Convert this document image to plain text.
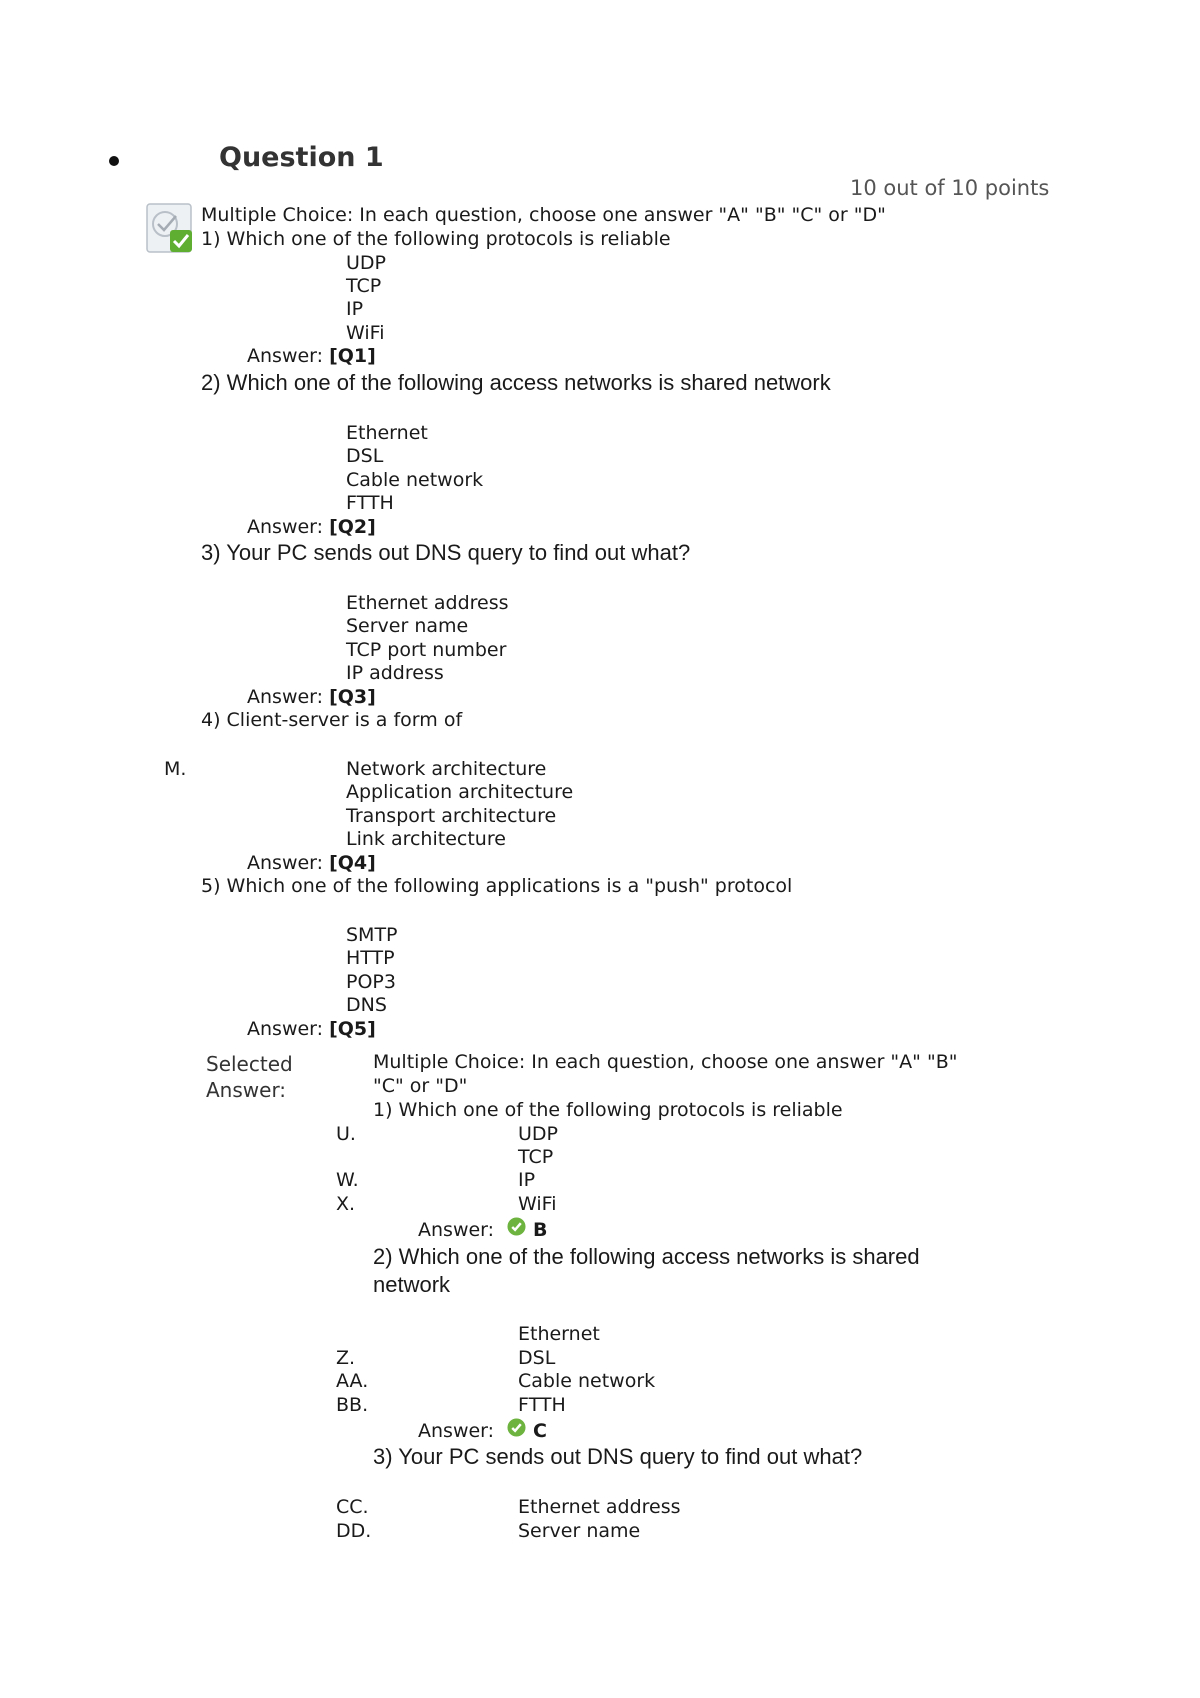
Question 1
10 out of 10 points
Multiple Choice: In each question, choose one answer "A" "B" "C" or "D"
1) Which one of the following protocols is reliable
UDP
TCP
IP
WiFi
Answer: [Q1]
2) Which one of the following access networks is shared network
Ethernet
DSL
Cable network
FTTH
Answer: [Q2]
3) Your PC sends out DNS query to find out what?
Ethernet address
Server name
TCP port number
IP address
Answer: [Q3]
4) Client-server is a form of
M.	Network architecture
Application architecture
Transport architecture
Link architecture
Answer: [Q4]
5) Which one of the following applications is a "push" protocol
SMTP
HTTP
POP3
DNS
Answer: [Q5]
Selected
Answer:
Multiple Choice: In each question, choose one answer "A" "B"
"C" or "D"
1) Which one of the following protocols is reliable
U.	UDP
TCP
W.	IP
X.	WiFi
Answer: B
2) Which one of the following access networks is shared
network
Ethernet
Z.	DSL
AA.	Cable network
BB.	FTTH
Answer: C
3) Your PC sends out DNS query to find out what?
CC.	Ethernet address
DD.	Server name
